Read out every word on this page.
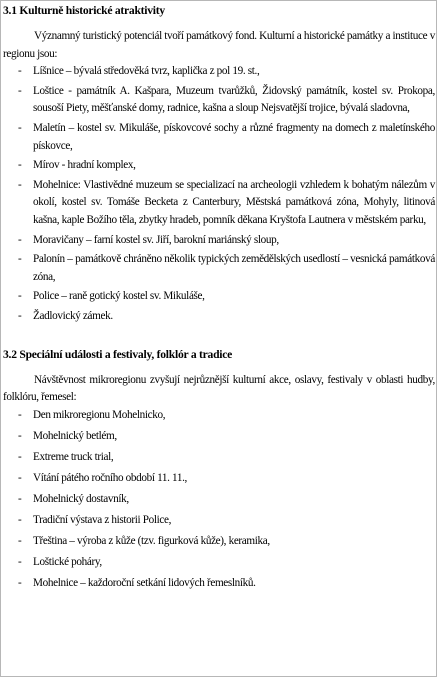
3.1 Kulturně historické atraktivity

Významný turistický potenciál tvoří památkový fond. Kulturní a historické památky a instituce v regionu jsou:

- Líšnice – bývalá středověká tvrz, kaplička z pol 19. st.,
- Loštice - památník A. Kašpara, Muzeum tvarůžků, Židovský památník, kostel sv. Prokopa, sousoší Piety, měšťanské domy, radnice, kašna a sloup Nejsvatější trojice, bývalá sladovna,
- Maletín – kostel sv. Mikuláše, pískovcové sochy a různé fragmenty na domech z maletínského pískovce,
- Mírov - hradní komplex,
- Mohelnice: Vlastivědné muzeum se specializací na archeologii vzhledem k bohatým nálezům v okolí, kostel sv. Tomáše Becketa z Canterbury, Městská památková zóna, Mohyly, litinová kašna, kaple Božího těla, zbytky hradeb, pomník děkana Kryštofa Lautnera v městském parku,
- Moravičany – farní kostel sv. Jiří, barokní mariánský sloup,
- Palonín – památkově chráněno několik typických zemědělských usedlostí – vesnická památková zóna,
- Police – raně gotický kostel sv. Mikuláše,
- Žadlovický zámek.

3.2 Speciální události a festivaly, folklór a tradice

Návštěvnost mikroregionu zvyšují nejrůznější kulturní akce, oslavy, festivaly v oblasti hudby, folklóru, řemesel:

- Den mikroregionu Mohelnicko,
- Mohelnický betlém,
- Extreme truck trial,
- Vítání pátého ročního období 11. 11.,
- Mohelnický dostavník,
- Tradiční výstava z historii Police,
- Třeština – výroba z kůže (tzv. figurková kůže), keramika,
- Loštické poháry,
- Mohelnice – každoroční setkání lidových řemeslníků.
